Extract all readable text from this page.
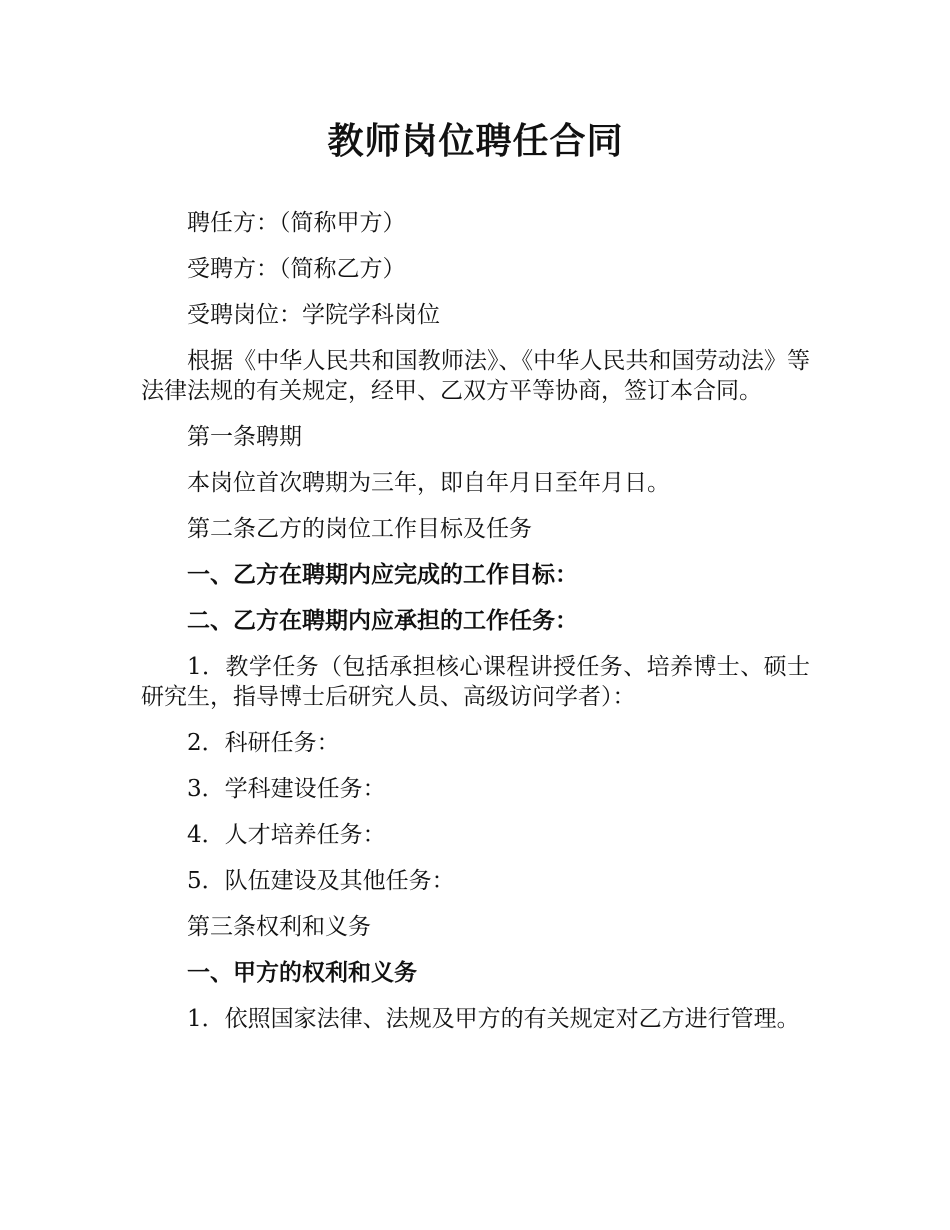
教师岗位聘任合同

聘任方：（简称甲方）

受聘方：（简称乙方）

受聘岗位：学院学科岗位

根据《中华人民共和国教师法》、《中华人民共和国劳动法》等法律法规的有关规定，经甲、乙双方平等协商，签订本合同。

第一条聘期

本岗位首次聘期为三年，即自年月日至年月日。

第二条乙方的岗位工作目标及任务

一、乙方在聘期内应完成的工作目标：

二、乙方在聘期内应承担的工作任务：

1．教学任务（包括承担核心课程讲授任务、培养博士、硕士研究生，指导博士后研究人员、高级访问学者）：

2．科研任务：

3．学科建设任务：

4．人才培养任务：

5．队伍建设及其他任务：

第三条权利和义务

一、甲方的权利和义务

1．依照国家法律、法规及甲方的有关规定对乙方进行管理。
